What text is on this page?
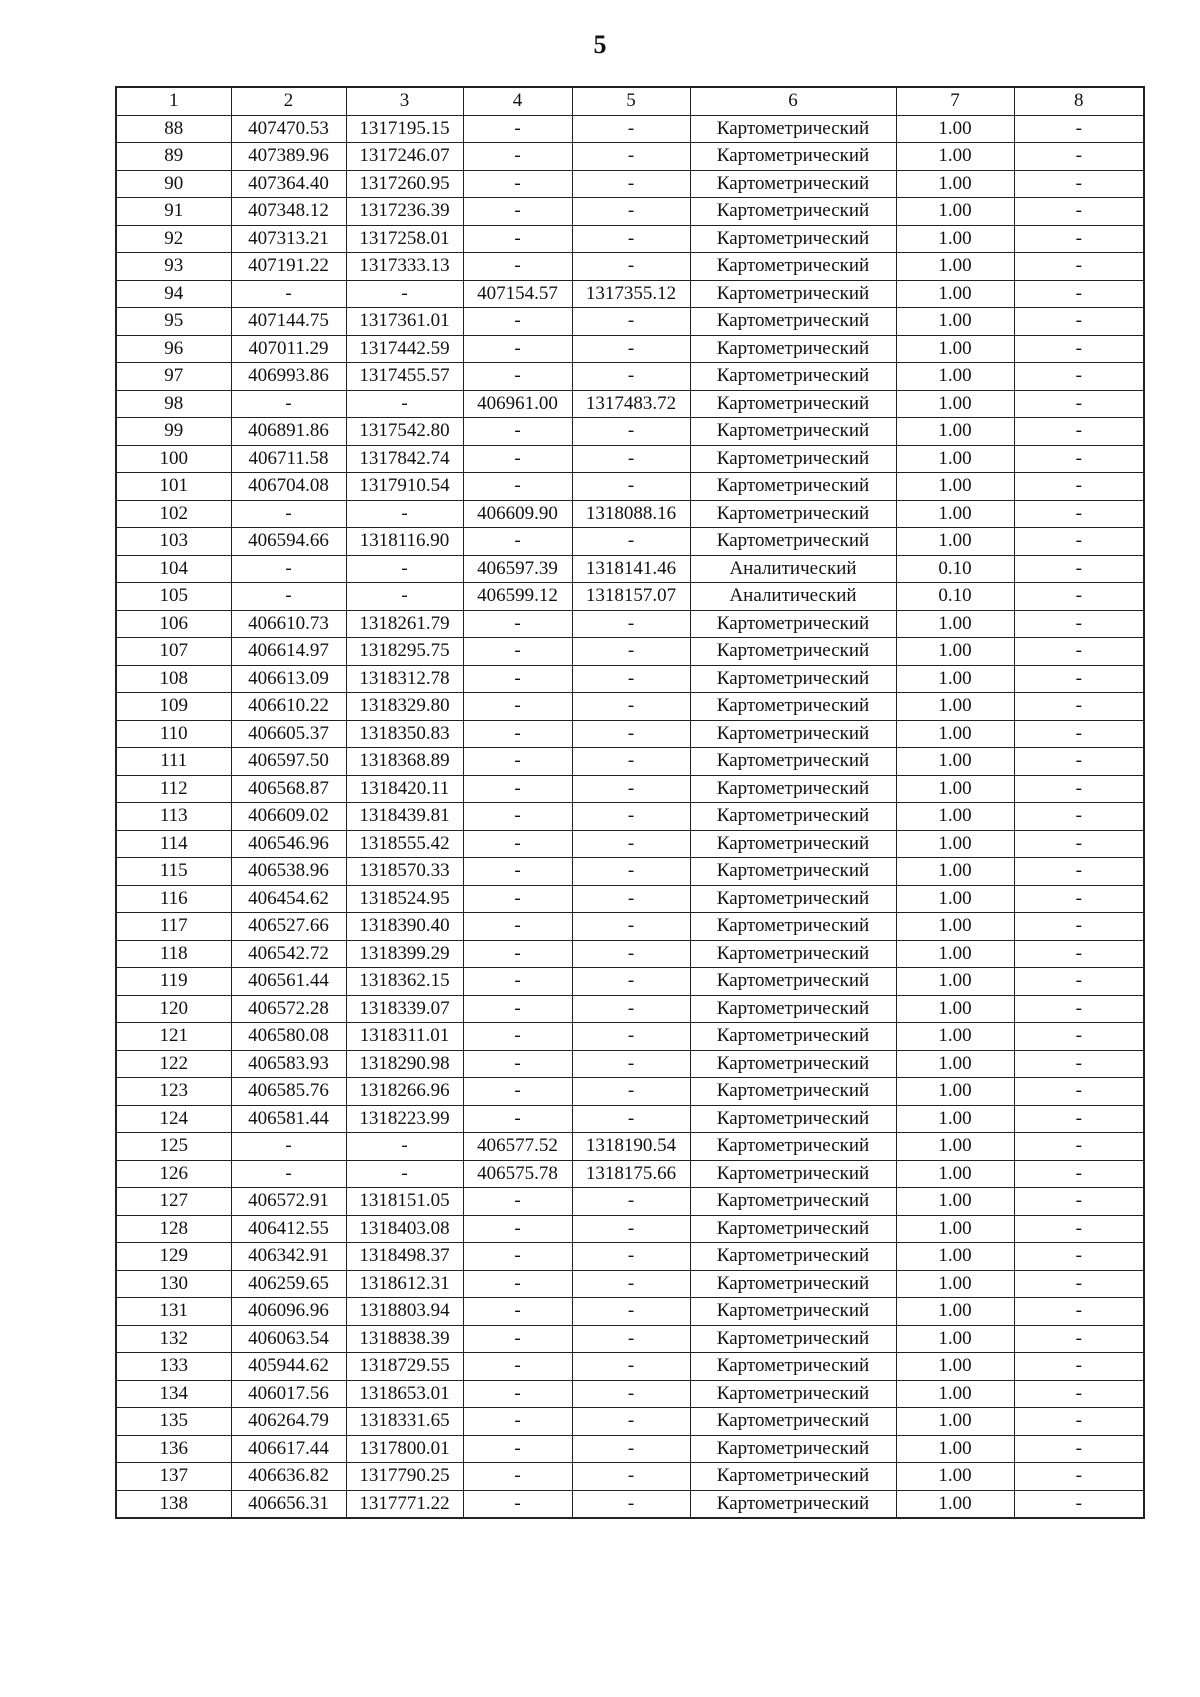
5
1	2	3	4	5	6	7	8
88	407470.53	1317195.15	-	-	Картометрический	1.00	-
89	407389.96	1317246.07	-	-	Картометрический	1.00	-
90	407364.40	1317260.95	-	-	Картометрический	1.00	-
91	407348.12	1317236.39	-	-	Картометрический	1.00	-
92	407313.21	1317258.01	-	-	Картометрический	1.00	-
93	407191.22	1317333.13	-	-	Картометрический	1.00	-
94	-	-	407154.57	1317355.12	Картометрический	1.00	-
95	407144.75	1317361.01	-	-	Картометрический	1.00	-
96	407011.29	1317442.59	-	-	Картометрический	1.00	-
97	406993.86	1317455.57	-	-	Картометрический	1.00	-
98	-	-	406961.00	1317483.72	Картометрический	1.00	-
99	406891.86	1317542.80	-	-	Картометрический	1.00	-
100	406711.58	1317842.74	-	-	Картометрический	1.00	-
101	406704.08	1317910.54	-	-	Картометрический	1.00	-
102	-	-	406609.90	1318088.16	Картометрический	1.00	-
103	406594.66	1318116.90	-	-	Картометрический	1.00	-
104	-	-	406597.39	1318141.46	Аналитический	0.10	-
105	-	-	406599.12	1318157.07	Аналитический	0.10	-
106	406610.73	1318261.79	-	-	Картометрический	1.00	-
107	406614.97	1318295.75	-	-	Картометрический	1.00	-
108	406613.09	1318312.78	-	-	Картометрический	1.00	-
109	406610.22	1318329.80	-	-	Картометрический	1.00	-
110	406605.37	1318350.83	-	-	Картометрический	1.00	-
111	406597.50	1318368.89	-	-	Картометрический	1.00	-
112	406568.87	1318420.11	-	-	Картометрический	1.00	-
113	406609.02	1318439.81	-	-	Картометрический	1.00	-
114	406546.96	1318555.42	-	-	Картометрический	1.00	-
115	406538.96	1318570.33	-	-	Картометрический	1.00	-
116	406454.62	1318524.95	-	-	Картометрический	1.00	-
117	406527.66	1318390.40	-	-	Картометрический	1.00	-
118	406542.72	1318399.29	-	-	Картометрический	1.00	-
119	406561.44	1318362.15	-	-	Картометрический	1.00	-
120	406572.28	1318339.07	-	-	Картометрический	1.00	-
121	406580.08	1318311.01	-	-	Картометрический	1.00	-
122	406583.93	1318290.98	-	-	Картометрический	1.00	-
123	406585.76	1318266.96	-	-	Картометрический	1.00	-
124	406581.44	1318223.99	-	-	Картометрический	1.00	-
125	-	-	406577.52	1318190.54	Картометрический	1.00	-
126	-	-	406575.78	1318175.66	Картометрический	1.00	-
127	406572.91	1318151.05	-	-	Картометрический	1.00	-
128	406412.55	1318403.08	-	-	Картометрический	1.00	-
129	406342.91	1318498.37	-	-	Картометрический	1.00	-
130	406259.65	1318612.31	-	-	Картометрический	1.00	-
131	406096.96	1318803.94	-	-	Картометрический	1.00	-
132	406063.54	1318838.39	-	-	Картометрический	1.00	-
133	405944.62	1318729.55	-	-	Картометрический	1.00	-
134	406017.56	1318653.01	-	-	Картометрический	1.00	-
135	406264.79	1318331.65	-	-	Картометрический	1.00	-
136	406617.44	1317800.01	-	-	Картометрический	1.00	-
137	406636.82	1317790.25	-	-	Картометрический	1.00	-
138	406656.31	1317771.22	-	-	Картометрический	1.00	-
